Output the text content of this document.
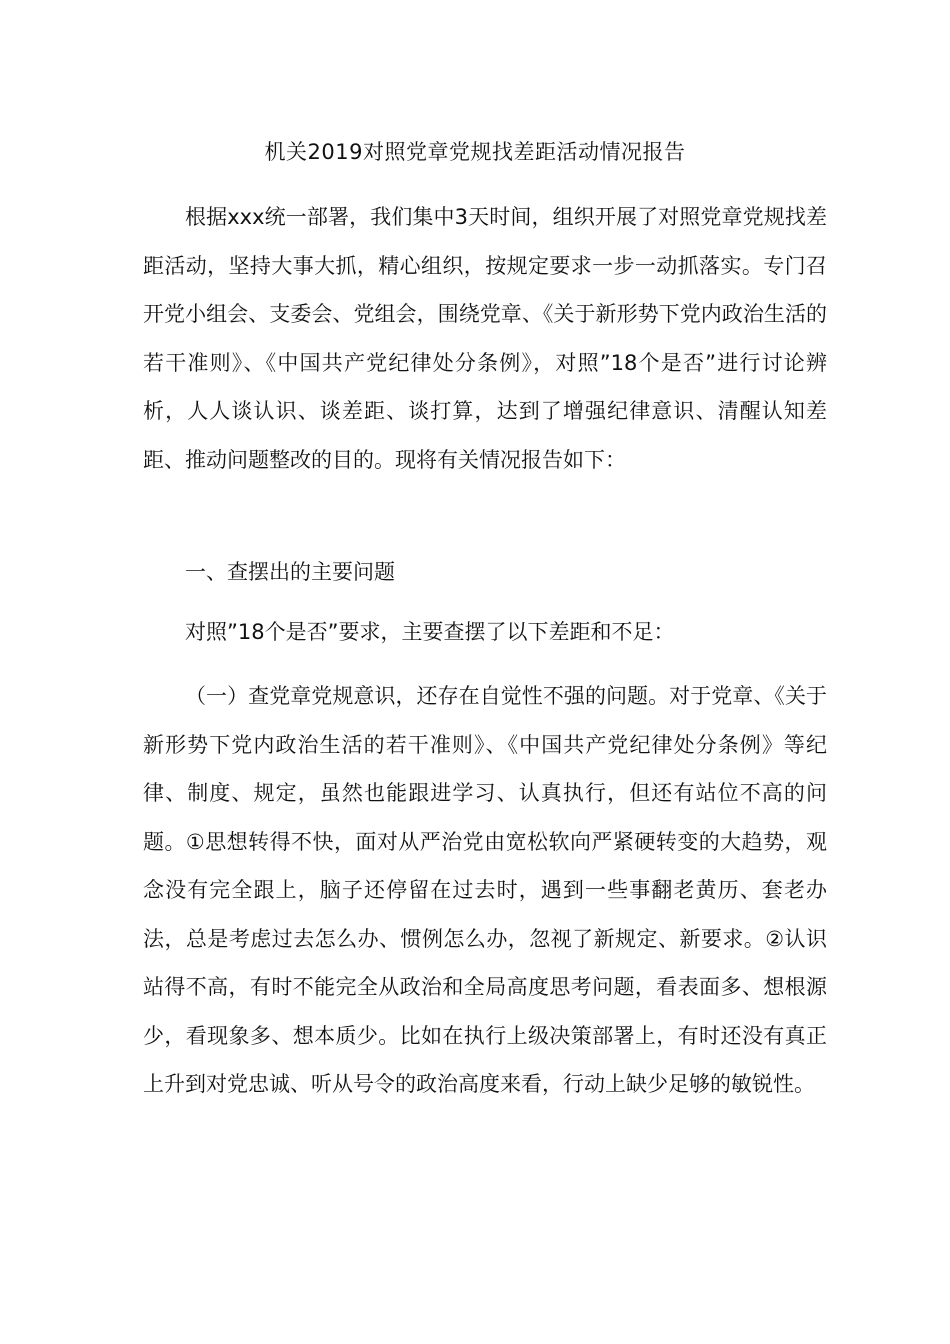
机关2019对照党章党规找差距活动情况报告

根据xxx统一部署，我们集中3天时间，组织开展了对照党章党规找差距活动，坚持大事大抓，精心组织，按规定要求一步一动抓落实。专门召开党小组会、支委会、党组会，围绕党章、《关于新形势下党内政治生活的若干准则》、《中国共产党纪律处分条例》，对照”18个是否”进行讨论辨析，人人谈认识、谈差距、谈打算，达到了增强纪律意识、清醒认知差距、推动问题整改的目的。现将有关情况报告如下：

一、查摆出的主要问题

对照”18个是否”要求，主要查摆了以下差距和不足：

（一）查党章党规意识，还存在自觉性不强的问题。对于党章、《关于新形势下党内政治生活的若干准则》、《中国共产党纪律处分条例》等纪律、制度、规定，虽然也能跟进学习、认真执行，但还有站位不高的问题。①思想转得不快，面对从严治党由宽松软向严紧硬转变的大趋势，观念没有完全跟上，脑子还停留在过去时，遇到一些事翻老黄历、套老办法，总是考虑过去怎么办、惯例怎么办，忽视了新规定、新要求。②认识站得不高，有时不能完全从政治和全局高度思考问题，看表面多、想根源少，看现象多、想本质少。比如在执行上级决策部署上，有时还没有真正上升到对党忠诚、听从号令的政治高度来看，行动上缺少足够的敏锐性。
